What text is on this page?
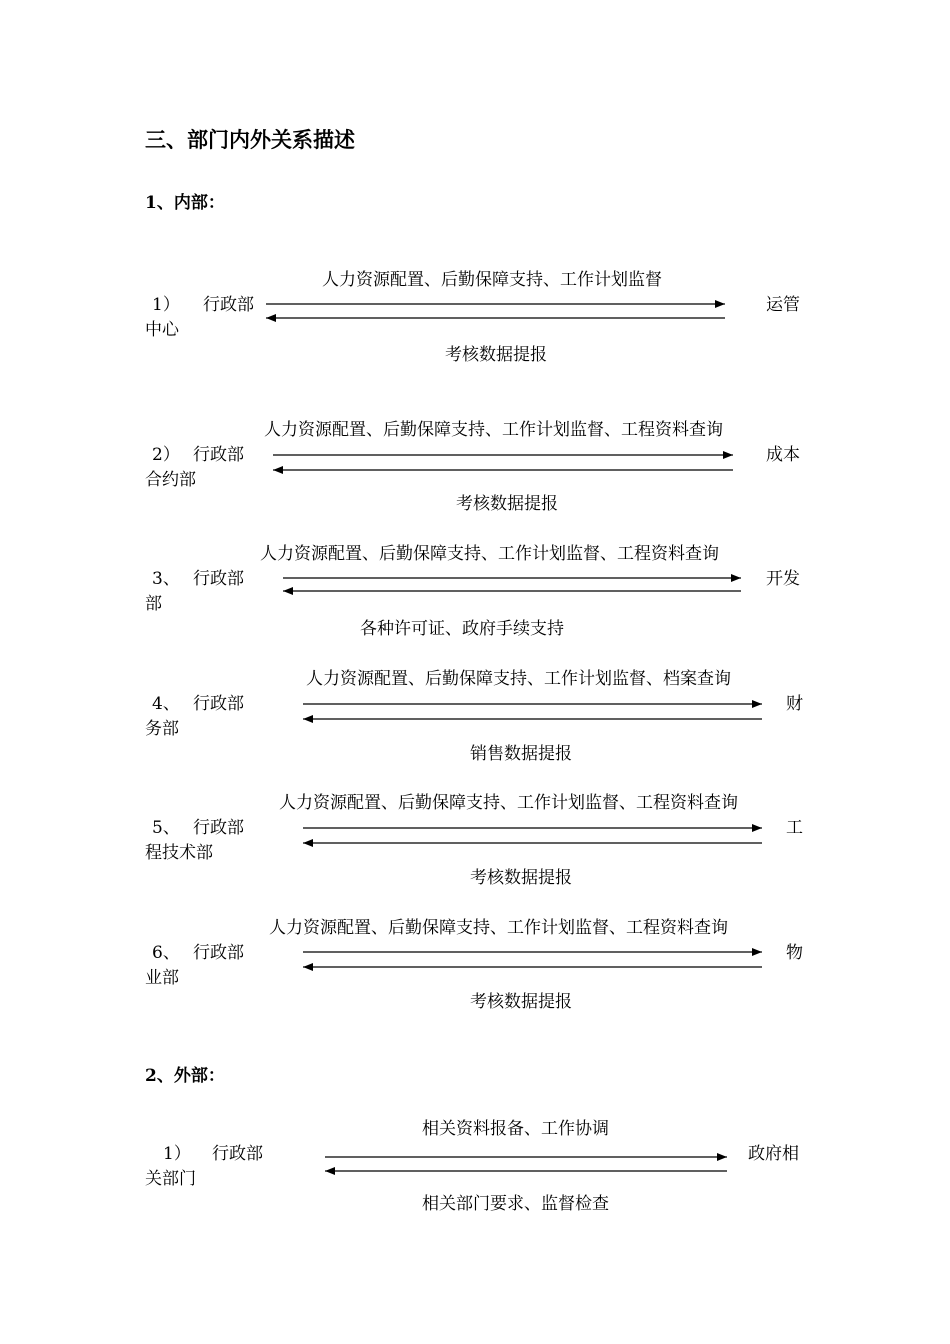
三、部门内外关系描述
1、内部：
人力资源配置、后勤保障支持、工作计划监督
1） 行政部	运管
中心
考核数据提报
人力资源配置、后勤保障支持、工作计划监督、工程资料查询
2） 行政部	成本
合约部
考核数据提报
人力资源配置、后勤保障支持、工作计划监督、工程资料查询
3、 行政部	开发
部
各种许可证、政府手续支持
人力资源配置、后勤保障支持、工作计划监督、档案查询
4、 行政部	财
务部
销售数据提报
人力资源配置、后勤保障支持、工作计划监督、工程资料查询
5、 行政部	工
程技术部
考核数据提报
人力资源配置、后勤保障支持、工作计划监督、工程资料查询
6、 行政部	物
业部
考核数据提报
2、外部：
相关资料报备、工作协调
1） 行政部	政府相
关部门
相关部门要求、监督检查
